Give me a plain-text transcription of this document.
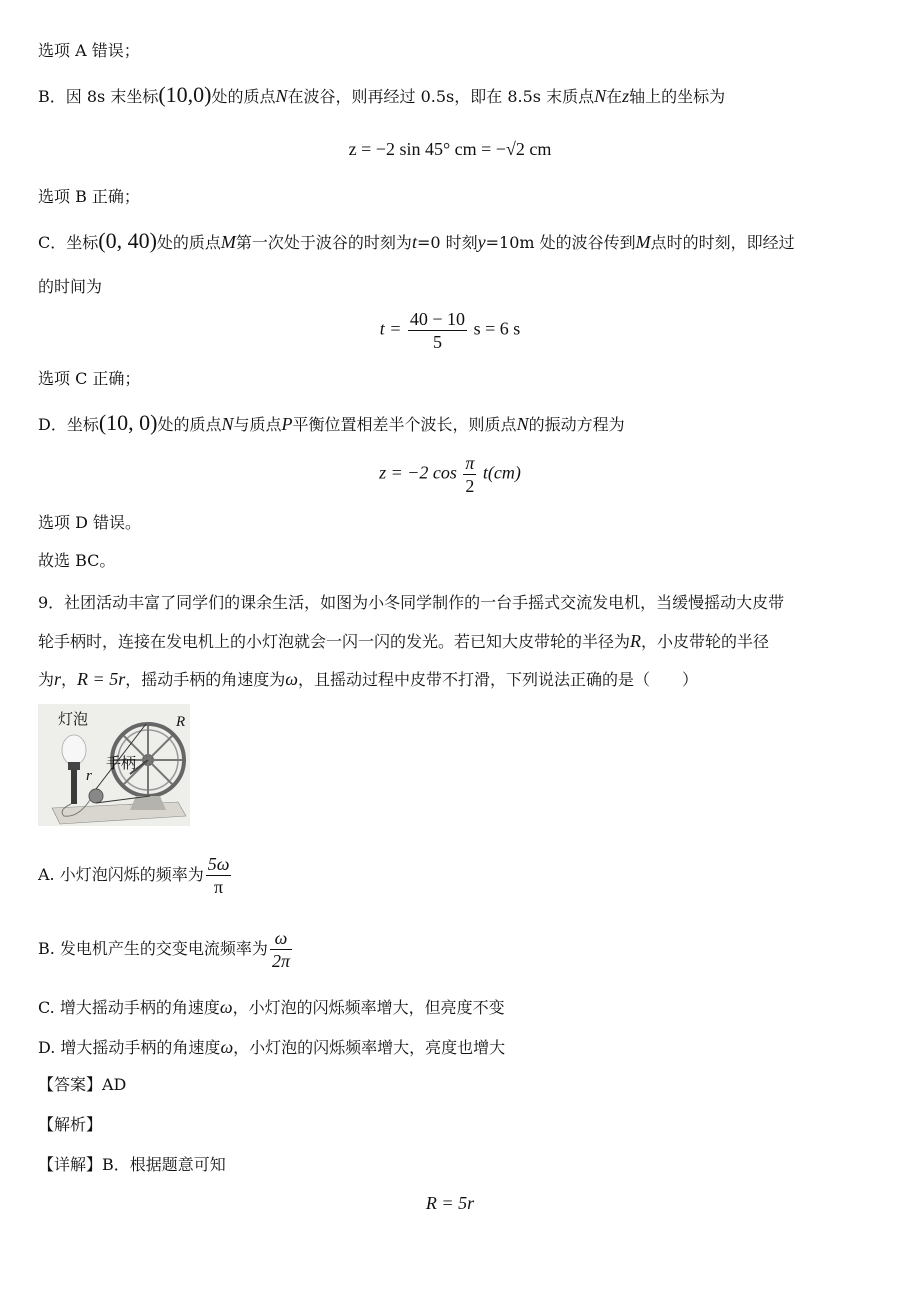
选项 A 错误；
B．因 8s 末坐标(10,0)处的质点N在波谷，则再经过 0.5s，即在 8.5s 末质点N在z轴上的坐标为
z = −2 sin 45° cm = −√2 cm
选项 B 正确；
C．坐标(0, 40)处的质点M第一次处于波谷的时刻为t=0 时刻y=10m 处的波谷传到M点时的时刻，即经过
的时间为
$t = \frac{40 - 10}{5}$ s = 6 s
选项 C 正确；
D．坐标(10, 0)处的质点N与质点P平衡位置相差半个波长，则质点N的振动方程为
z = −2 $\cos \frac{\pi}{2} t(cm)$
选项 D 错误。
故选 BC。
9．社团活动丰富了同学们的课余生活，如图为小冬同学制作的一台手摇式交流发电机，当缓慢摇动大皮带
轮手柄时，连接在发电机上的小灯泡就会一闪一闪的发光。若已知大皮带轮的半径为R，小皮带轮的半径
为r，R = 5r，摇动手柄的角速度为ω，且摇动过程中皮带不打滑，下列说法正确的是（　　）
灯泡	R
手柄
r
A. 小灯泡闪烁的频率为 $\frac{5\omega}{\pi}$
B. 发电机产生的交变电流频率为 $\frac{\omega}{2\pi}$
C. 增大摇动手柄的角速度ω，小灯泡的闪烁频率增大，但亮度不变
D. 增大摇动手柄的角速度ω，小灯泡的闪烁频率增大，亮度也增大
【答案】AD
【解析】
【详解】B．根据题意可知
R = 5r
